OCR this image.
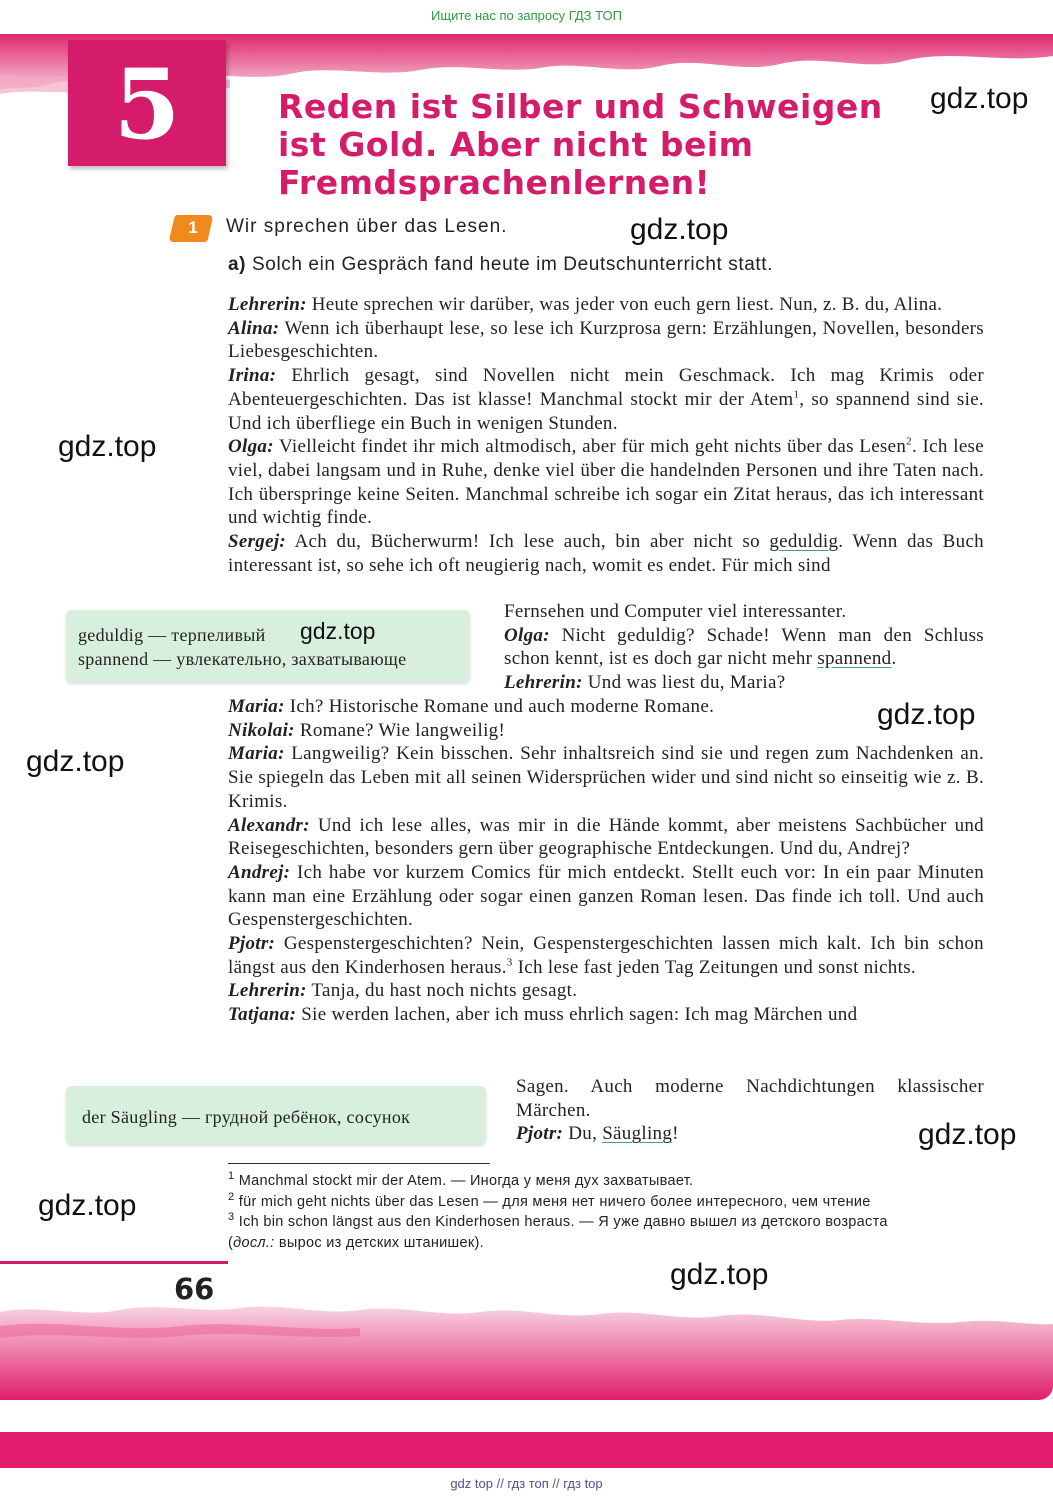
Ищите нас по запросу ГДЗ ТОП
5	Reden ist Silber und Schweigen
ist Gold. Aber nicht beim
Fremdsprachenlernen!
gdz.top
gdz.top
gdz.top
gdz.top
gdz.top
gdz.top
gdz.top
gdz.top
1	Wir sprechen über das Lesen.
a) Solch ein Gespräch fand heute im Deutschunterricht statt.

Lehrerin: Heute sprechen wir darüber, was jeder von euch gern liest. Nun, z. B. du, Alina.

Alina: Wenn ich überhaupt lese, so lese ich Kurzprosa gern: Erzählungen, Novellen, besonders Liebesgeschichten.

Irina: Ehrlich gesagt, sind Novellen nicht mein Geschmack. Ich mag Krimis oder Abenteuergeschichten. Das ist klasse! Manchmal stockt mir der Atem$^1$, so spannend sind sie. Und ich überfliege ein Buch in wenigen Stunden.

Olga: Vielleicht findet ihr mich altmodisch, aber für mich geht nichts über das Lesen$^2$. Ich lese viel, dabei langsam und in Ruhe, denke viel über die handelnden Personen und ihre Taten nach. Ich überspringe keine Seiten. Manchmal schreibe ich sogar ein Zitat heraus, das ich interessant und wichtig finde.

Sergej: Ach du, Bücherwurm! Ich lese auch, bin aber nicht so geduldig. Wenn das Buch interessant ist, so sehe ich oft neugierig nach, womit es endet. Für mich sind

Fernsehen und Computer viel interessanter.

Olga: Nicht geduldig? Schade! Wenn man den Schluss schon kennt, ist es doch gar nicht mehr spannend.

Lehrerin: Und was liest du, Maria?

geduldig — терпеливый
spannend — увлекательно, захватывающе
gdz.top

Maria: Ich? Historische Romane und auch moderne Romane.

Nikolai: Romane? Wie langweilig!

Maria: Langweilig? Kein bisschen. Sehr inhaltsreich sind sie und regen zum Nachdenken an. Sie spiegeln das Leben mit all seinen Widersprüchen wider und sind nicht so einseitig wie z. B. Krimis.

Alexandr: Und ich lese alles, was mir in die Hände kommt, aber meistens Sachbücher und Reisegeschichten, besonders gern über geographische Entdeckungen. Und du, Andrej?

Andrej: Ich habe vor kurzem Comics für mich entdeckt. Stellt euch vor: In ein paar Minuten kann man eine Erzählung oder sogar einen ganzen Roman lesen. Das finde ich toll. Und auch Gespenstergeschichten.

Pjotr: Gespenstergeschichten? Nein, Gespenstergeschichten lassen mich kalt. Ich bin schon längst aus den Kinderhosen heraus.$^3$ Ich lese fast jeden Tag Zeitungen und sonst nichts.

Lehrerin: Tanja, du hast noch nichts gesagt.

Tatjana: Sie werden lachen, aber ich muss ehrlich sagen: Ich mag Märchen und

Sagen. Auch moderne Nachdichtungen klassischer Märchen.

Pjotr: Du, Säugling!

der Säugling — грудной ребёнок, сосунок

$^1$ Manchmal stockt mir der Atem. — Иногда у меня дух захватывает.

$^2$ für mich geht nichts über das Lesen — для меня нет ничего более интересного, чем чтение

$^3$ Ich bin schon längst aus den Kinderhosen heraus. — Я уже давно вышел из детского возраста
(досл.: вырос из детских штанишек).

66
gdz top // гдз топ // гдз top
